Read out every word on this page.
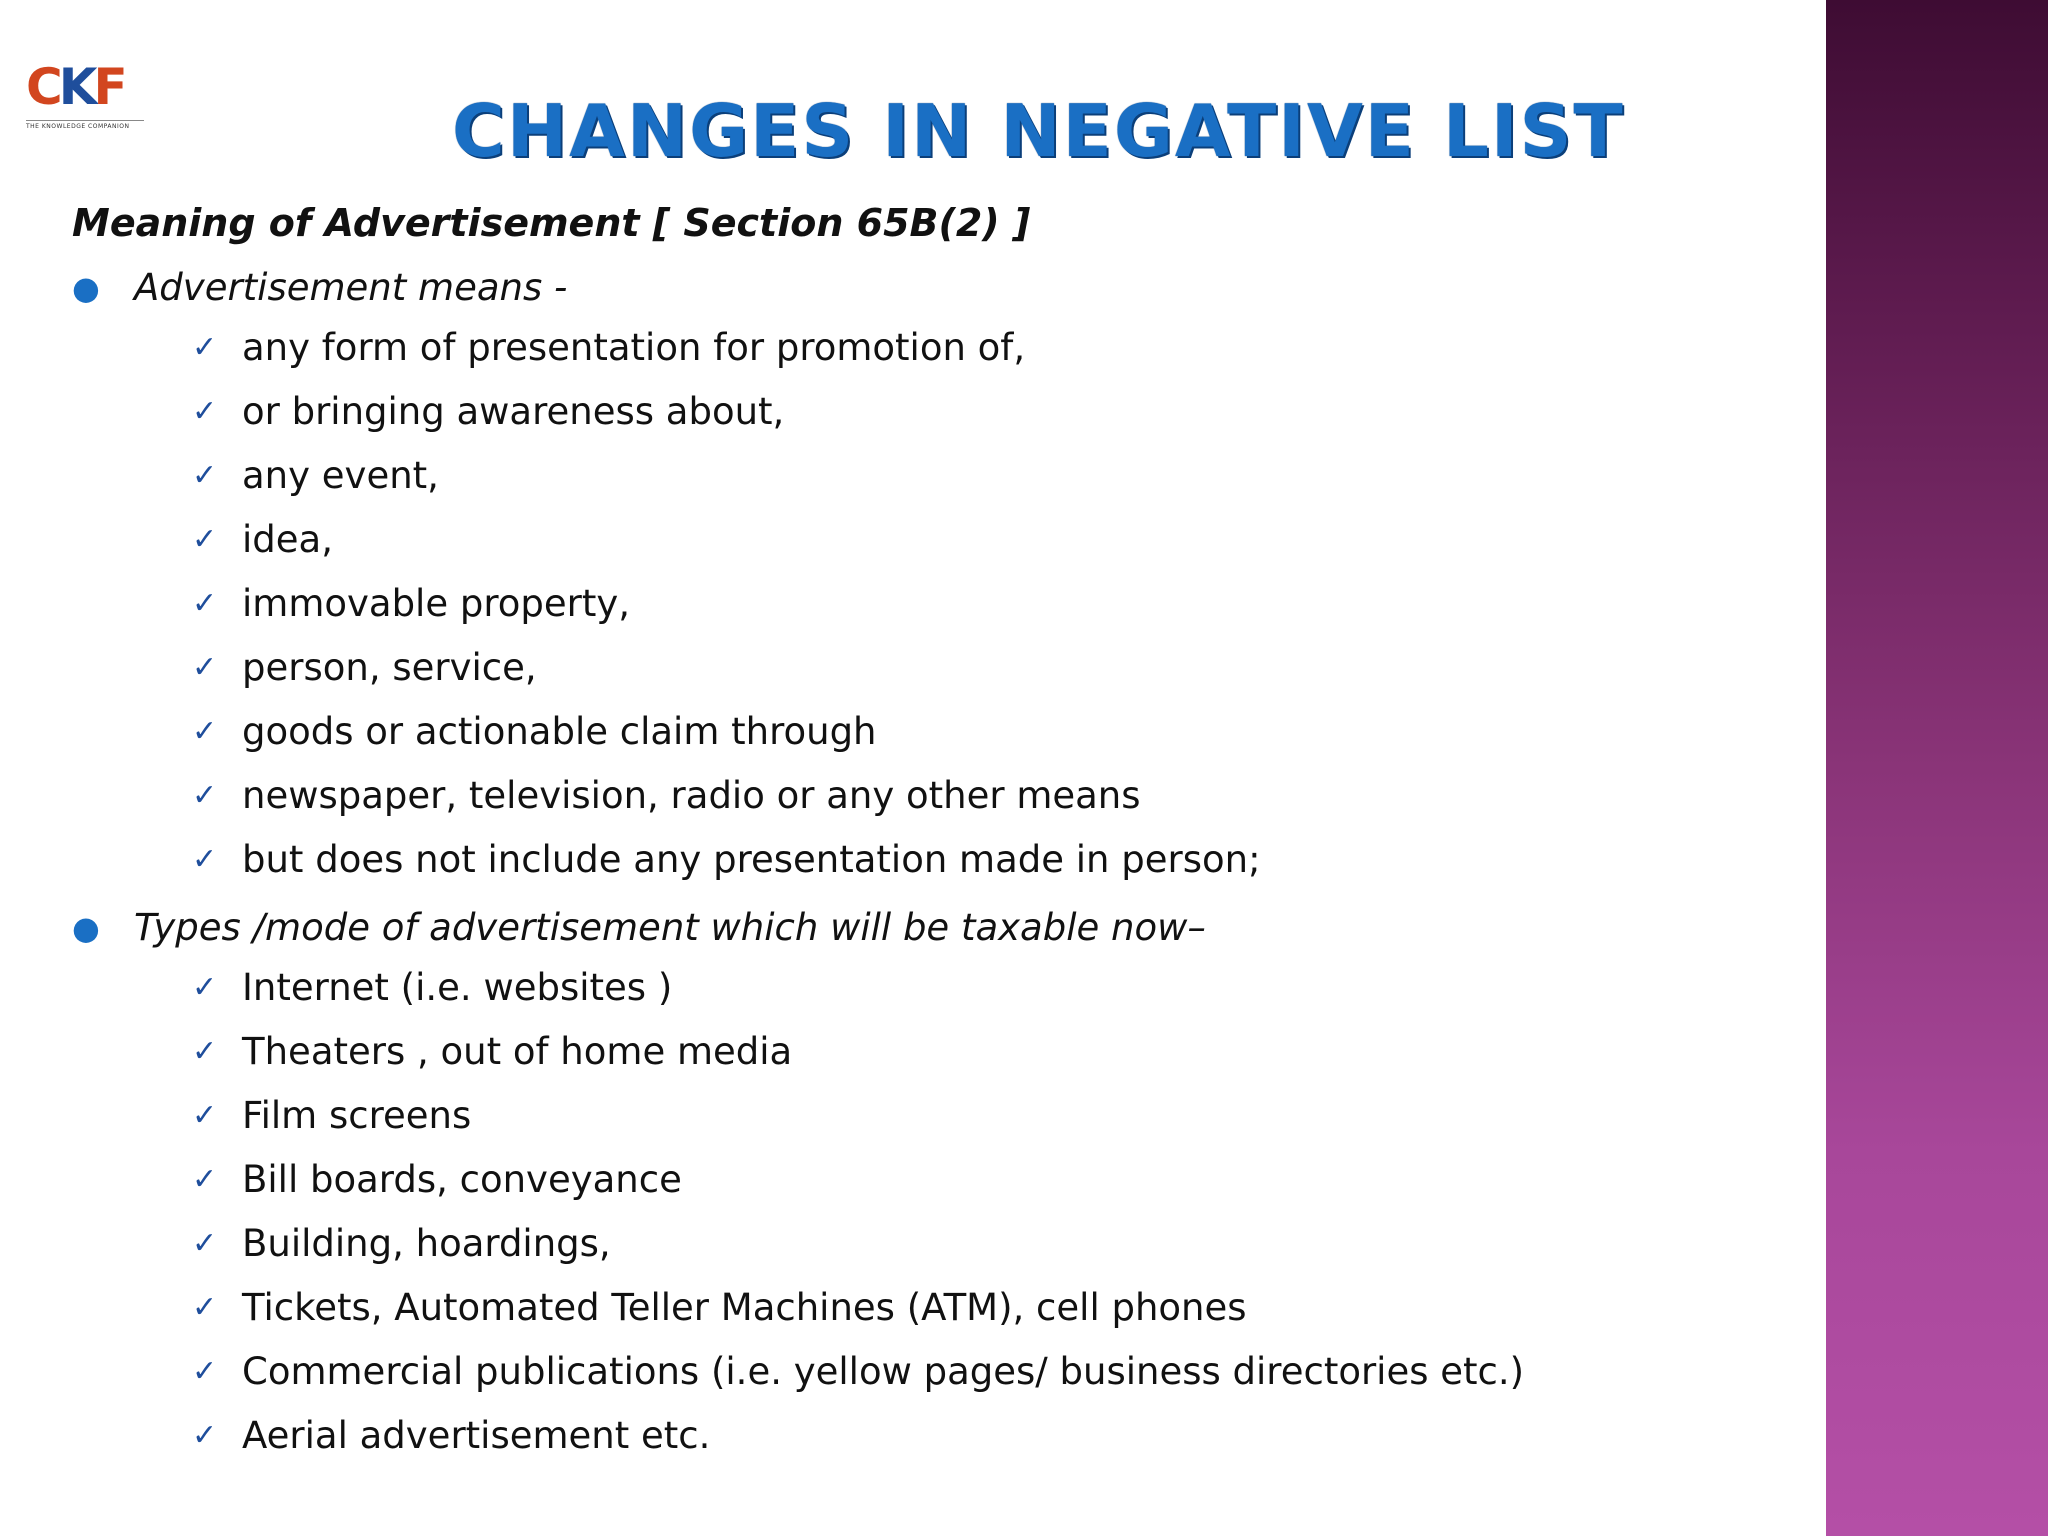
CKF
THE KNOWLEDGE COMPANION	CHANGES IN NEGATIVE LIST
Meaning of Advertisement [ Section 65B(2) ]
● Advertisement means -
✓ any form of presentation for promotion of,
✓ or bringing awareness about,
✓ any event,
✓ idea,
✓ immovable property,
✓ person, service,
✓ goods or actionable claim through
✓ newspaper, television, radio or any other means
✓ but does not include any presentation made in person;
● Types /mode of advertisement which will be taxable now–
✓ Internet (i.e. websites )
✓ Theaters , out of home media
✓ Film screens
✓ Bill boards, conveyance
✓ Building, hoardings,
✓ Tickets, Automated Teller Machines (ATM), cell phones
✓ Commercial publications (i.e. yellow pages/ business directories etc.)
✓ Aerial advertisement etc.
